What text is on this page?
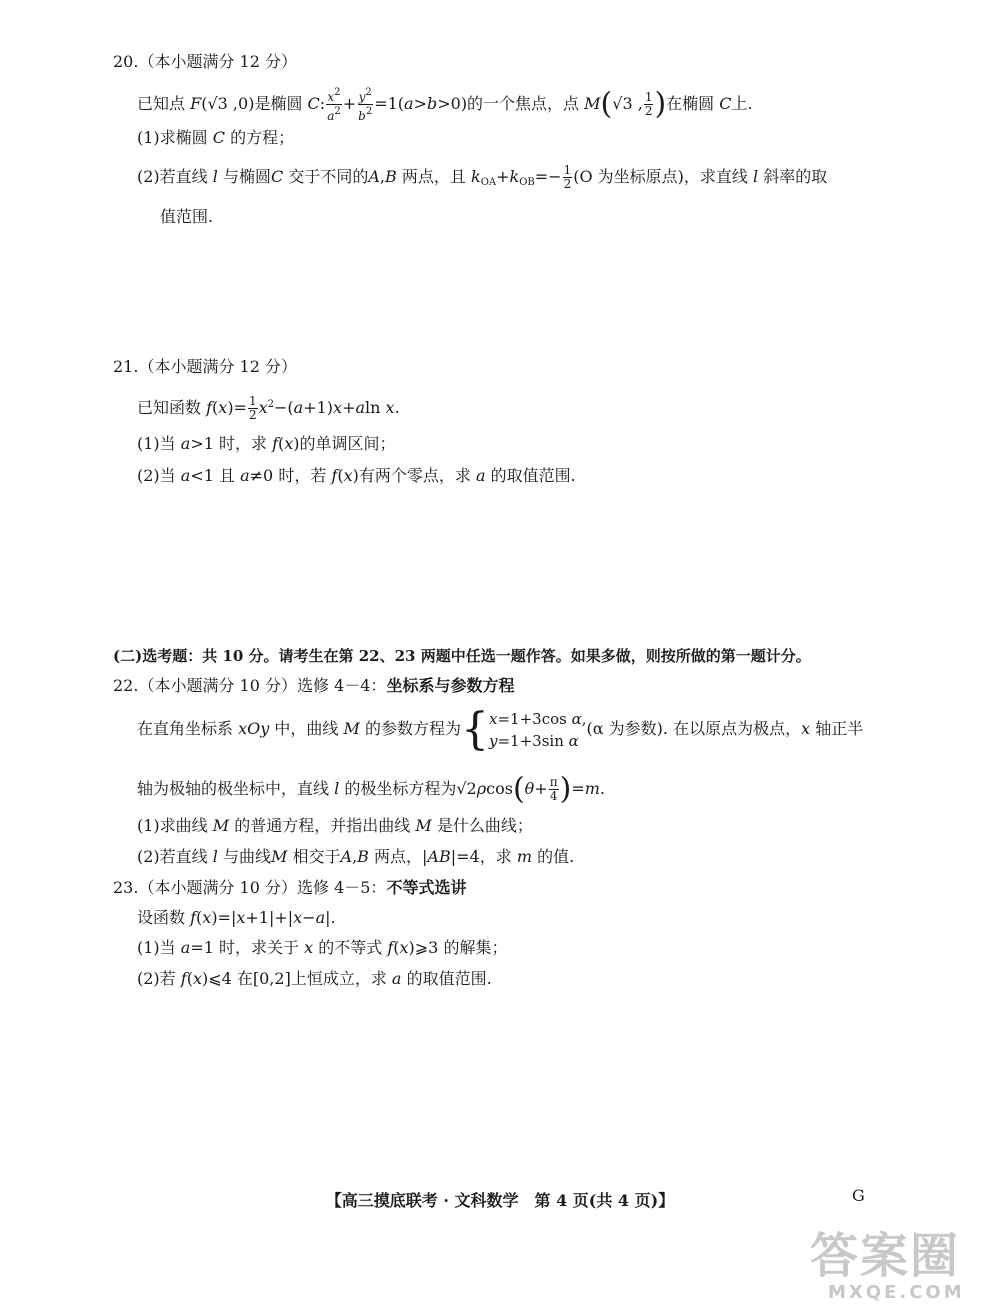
20.（本小题满分 12 分）
已知点 F(√3 ,0)是椭圆 C: $\frac{x^2}{a^2} + \frac{y^2}{b^2} =1(a>b>0)$的一个焦点，点 M(√3 , $\frac{1}{2}$ )在椭圆 C上.
(1)求椭圆 C 的方程；
(2)若直线 l 与椭圆C 交于不同的A,B 两点，且 $k_{OA}+k_{OB}=- \frac{1}{2} (O$ 为坐标原点)，求直线 l 斜率的取
值范围.
21.（本小题满分 12 分）
已知函数 $f(x)= \frac{1}{2} x^2-(a+1)x+aln$ x.
(1)当 a>1 时，求 f(x)的单调区间；
(2)当 a<1 且 a≠0 时，若 f(x)有两个零点，求 a 的取值范围.
(二)选考题：共 10 分。请考生在第 22、23 两题中任选一题作答。如果多做，则按所做的第一题计分。
22.（本小题满分 10 分）选修 4－4：坐标系与参数方程
在直角坐标系 xOy 中，曲线 M 的参数方程为 { x=1+3cos α,
y=1+3sin α
(α 为参数). 在以原点为极点，x 轴正半
轴为极轴的极坐标中，直线 l 的极坐标方程为$√2\rho\cos(\theta+ \frac{\pi}{4} )=m$.
(1)求曲线 M 的普通方程，并指出曲线 M 是什么曲线；
(2)若直线 l 与曲线M 相交于A,B 两点，|AB|=4，求 m 的值.
23.（本小题满分 10 分）选修 4－5：不等式选讲
设函数 f(x)=|x+1|+|x−a|.
(1)当 a=1 时，求关于 x 的不等式 f(x)⩾3 的解集；
(2)若 f(x)⩽4 在[0,2]上恒成立，求 a 的取值范围.
【高三摸底联考 · 文科数学　第 4 页(共 4 页)】	G
答案圈
MXQE.COM
